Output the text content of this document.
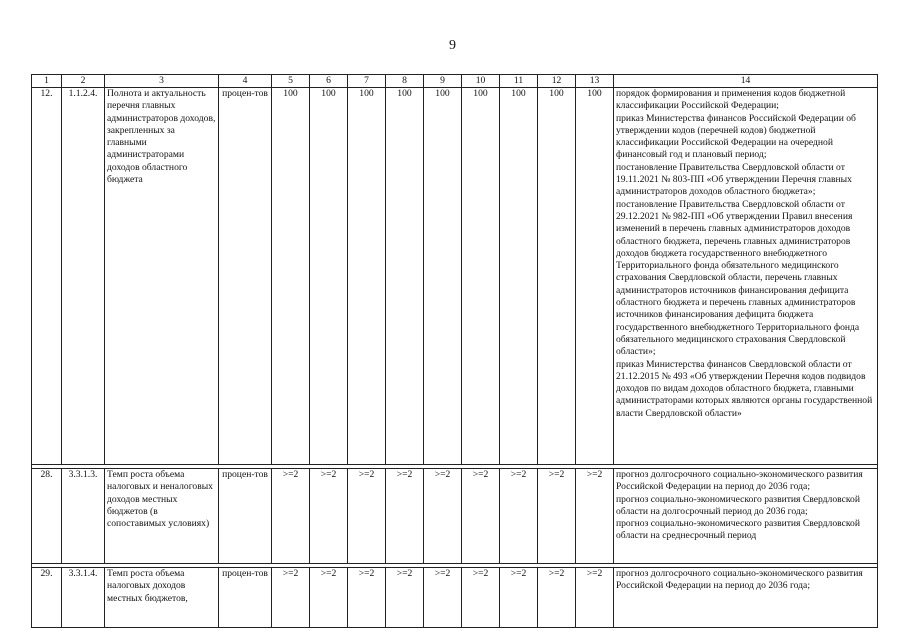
9
1	2	3	4	5	6	7	8	9	10	11	12	13	14
12.	1.1.2.4.	Полнота и актуальность перечня главных администраторов доходов, закрепленных за главными администраторами доходов областного бюджета	процен-тов	100	100	100	100	100	100	100	100	100	порядок формирования и применения кодов бюджетной классификации Российской Федерации;
приказ Министерства финансов Российской Федерации об утверждении кодов (перечней кодов) бюджетной классификации Российской Федерации на очередной финансовый год и плановый период;
постановление Правительства Свердловской области от 19.11.2021 № 803-ПП «Об утверждении Перечня главных администраторов доходов областного бюджета»;
постановление Правительства Свердловской области от 29.12.2021 № 982-ПП «Об утверждении Правил внесения изменений в перечень главных администраторов доходов областного бюджета, перечень главных администраторов доходов бюджета государственного внебюджетного Территориального фонда обязательного медицинского страхования Свердловской области, перечень главных администраторов источников финансирования дефицита областного бюджета и перечень главных администраторов источников финансирования дефицита бюджета государственного внебюджетного Территориального фонда обязательного медицинского страхования Свердловской области»;
приказ Министерства финансов Свердловской области от 21.12.2015 № 493 «Об утверждении Перечня кодов подвидов доходов по видам доходов областного бюджета, главными администраторами которых являются органы государственной власти Свердловской области»

28.	3.3.1.3.	Темп роста объема налоговых и неналоговых доходов местных бюджетов (в сопоставимых условиях)	процен-тов	>=2	>=2	>=2	>=2	>=2	>=2	>=2	>=2	>=2	прогноз долгосрочного социально-экономического развития Российской Федерации на период до 2036 года;
прогноз социально-экономического развития Свердловской области на долгосрочный период до 2036 года;
прогноз социально-экономического развития Свердловской области на среднесрочный период

29.	3.3.1.4.	Темп роста объема налоговых доходов местных бюджетов,	процен-тов	>=2	>=2	>=2	>=2	>=2	>=2	>=2	>=2	>=2	прогноз долгосрочного социально-экономического развития Российской Федерации на период до 2036 года;
